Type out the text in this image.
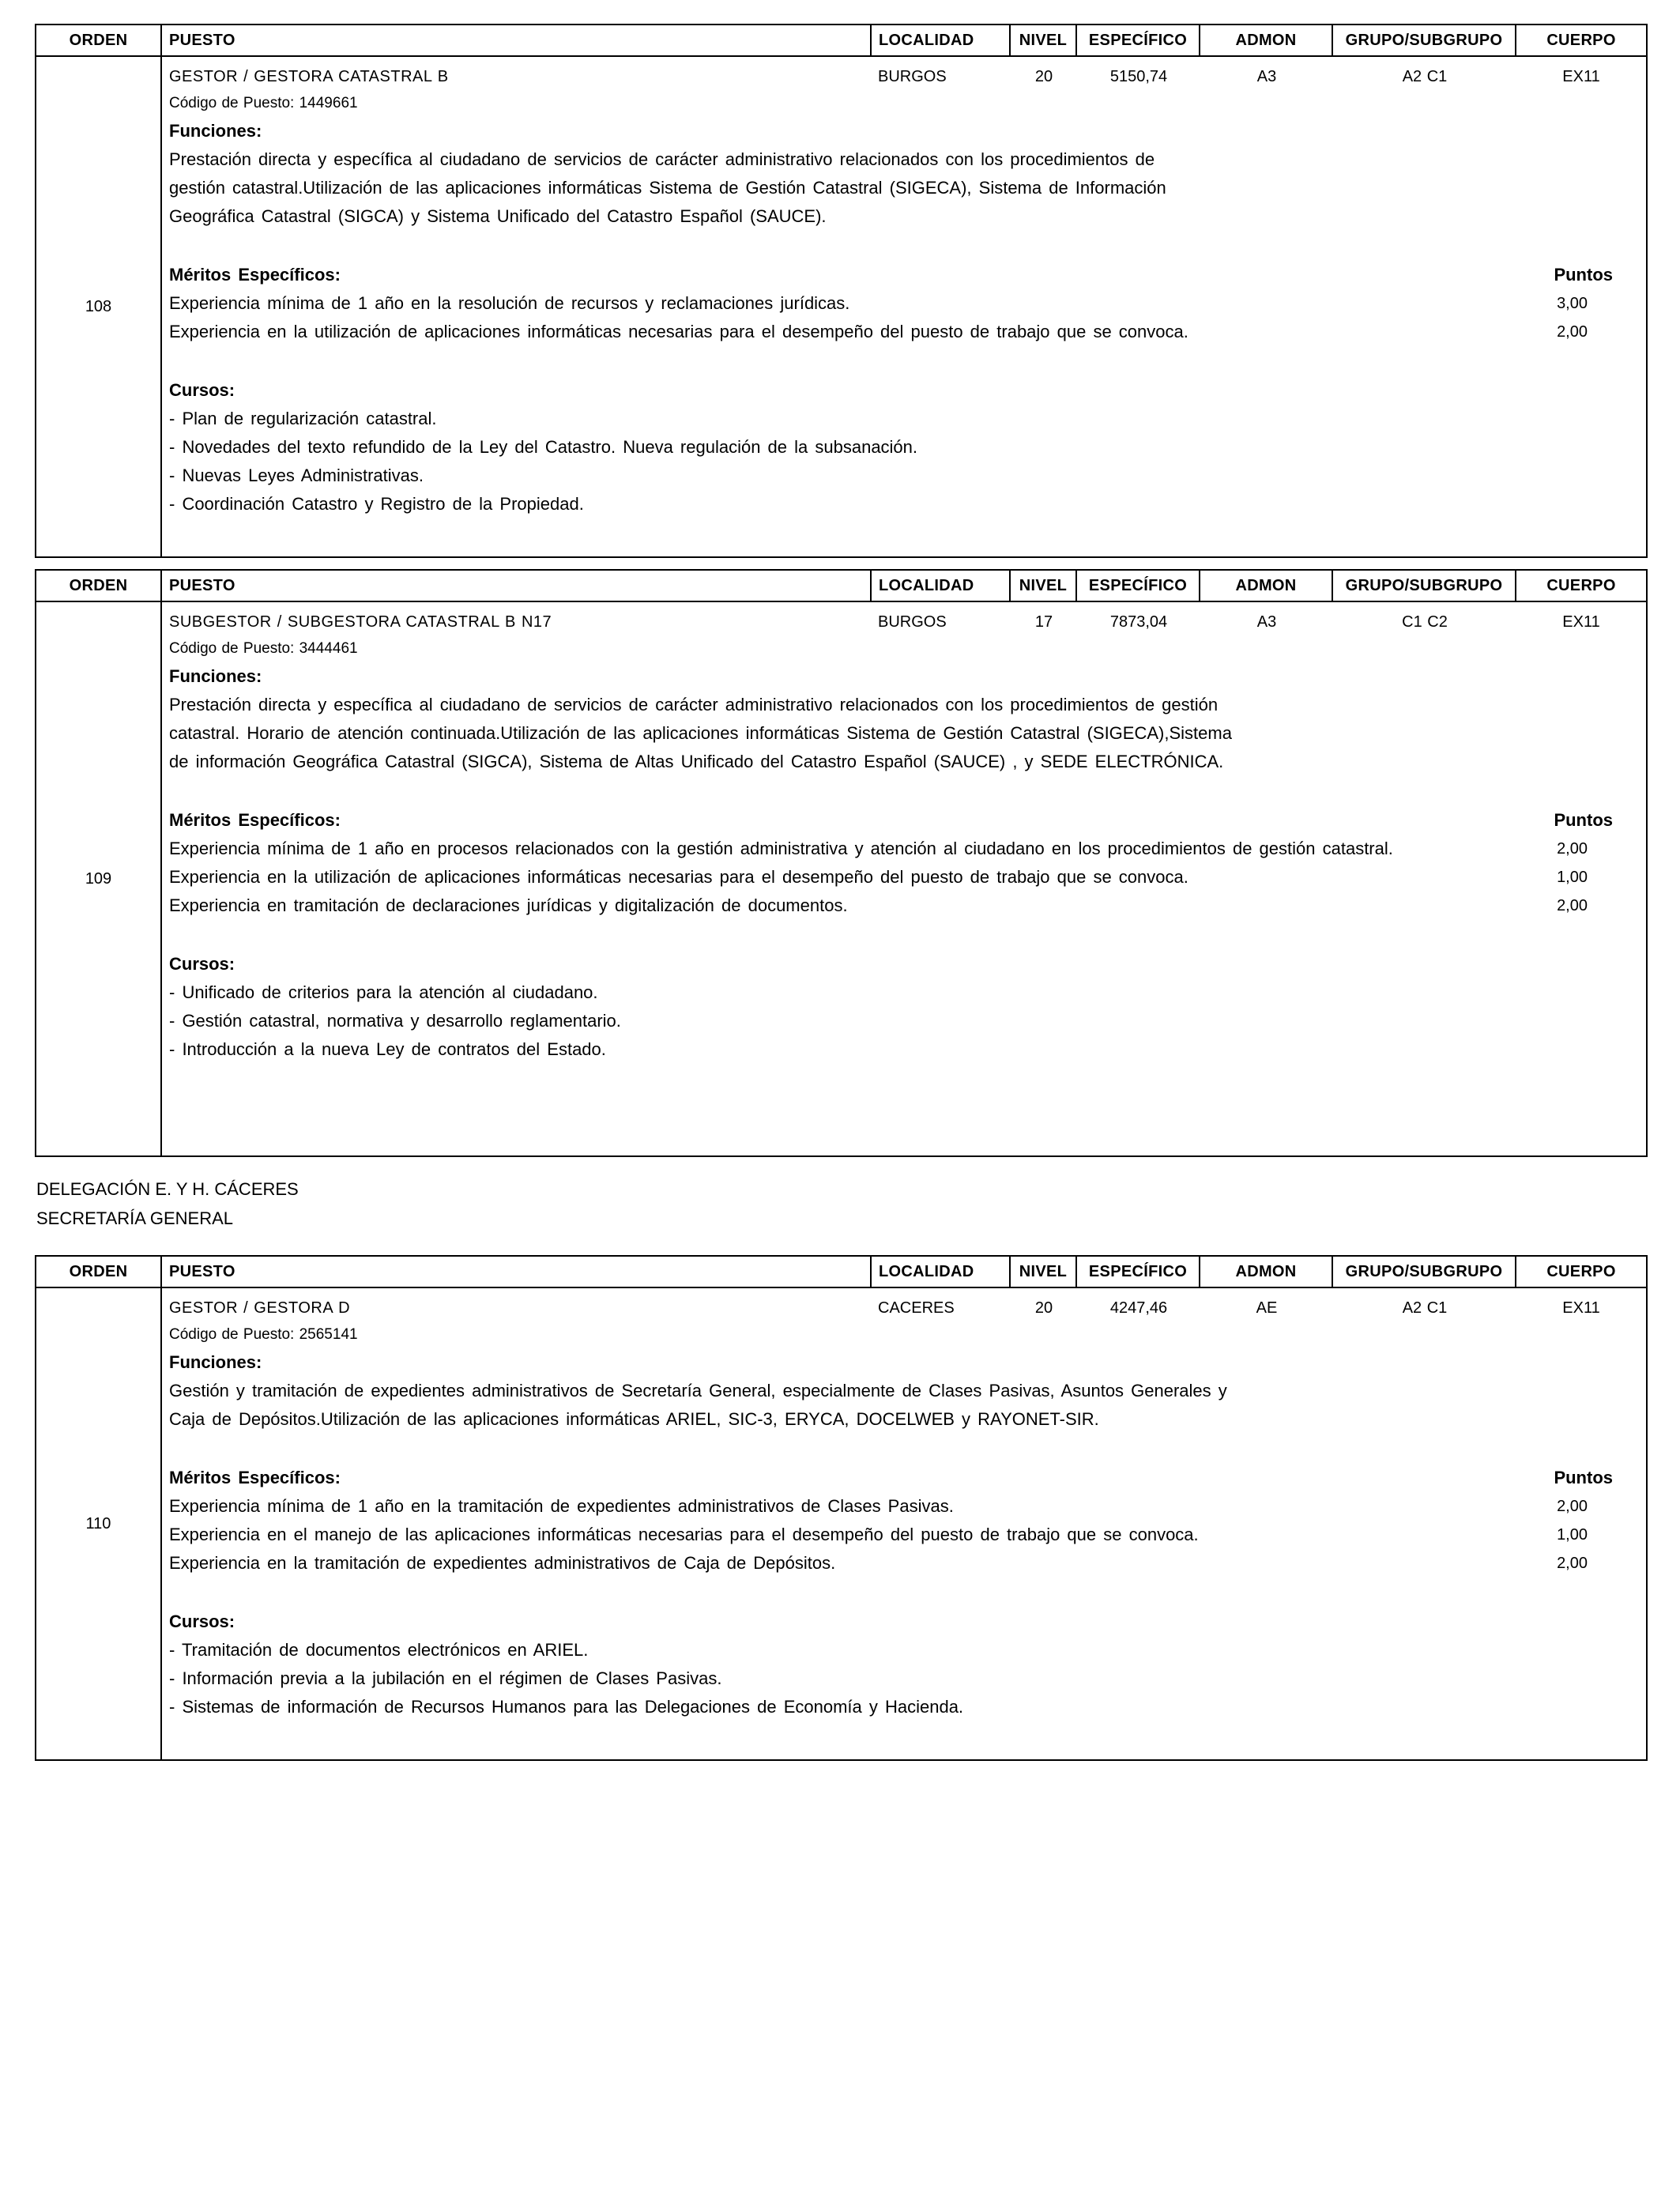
ORDEN	PUESTO	LOCALIDAD	NIVEL	ESPECÍFICO	ADMON	GRUPO/SUBGRUPO	CUERPO
108
GESTOR / GESTORA CATASTRAL B	BURGOS	20	5150,74	A3	A2 C1	EX11
Código de Puesto: 1449661
Funciones:
Prestación directa y específica al ciudadano de servicios de carácter administrativo relacionados con los procedimientos de
gestión catastral.Utilización de las aplicaciones informáticas Sistema de Gestión Catastral (SIGECA), Sistema de Información
Geográfica Catastral (SIGCA) y Sistema Unificado del Catastro Español (SAUCE).
Méritos Específicos:	Puntos
Experiencia mínima de 1 año en la resolución de recursos y reclamaciones jurídicas.	3,00
Experiencia en la utilización de aplicaciones informáticas necesarias para el desempeño del puesto de trabajo que se convoca.	2,00
Cursos:
- Plan de regularización catastral.
- Novedades del texto refundido de la Ley del Catastro. Nueva regulación de la subsanación.
- Nuevas Leyes Administrativas.
- Coordinación Catastro y Registro de la Propiedad.
ORDEN	PUESTO	LOCALIDAD	NIVEL	ESPECÍFICO	ADMON	GRUPO/SUBGRUPO	CUERPO
109
SUBGESTOR / SUBGESTORA CATASTRAL B N17	BURGOS	17	7873,04	A3	C1 C2	EX11
Código de Puesto: 3444461
Funciones:
Prestación directa y específica al ciudadano de servicios de carácter administrativo relacionados con los procedimientos de gestión
catastral. Horario de atención continuada.Utilización de las aplicaciones informáticas Sistema de Gestión Catastral (SIGECA),Sistema
de información Geográfica Catastral (SIGCA), Sistema de Altas Unificado del Catastro Español (SAUCE) , y SEDE ELECTRÓNICA.
Méritos Específicos:	Puntos
Experiencia mínima de 1 año en procesos relacionados con la gestión administrativa y atención al ciudadano en los procedimientos de gestión catastral.	2,00
Experiencia en la utilización de aplicaciones informáticas necesarias para el desempeño del puesto de trabajo que se convoca.	1,00
Experiencia en tramitación de declaraciones jurídicas y digitalización de documentos.	2,00
Cursos:
- Unificado de criterios para la atención al ciudadano.
- Gestión catastral, normativa y desarrollo reglamentario.
- Introducción a la nueva Ley de contratos del Estado.
DELEGACIÓN E. Y H. CÁCERES
SECRETARÍA GENERAL
ORDEN	PUESTO	LOCALIDAD	NIVEL	ESPECÍFICO	ADMON	GRUPO/SUBGRUPO	CUERPO
110
GESTOR / GESTORA D	CACERES	20	4247,46	AE	A2 C1	EX11
Código de Puesto: 2565141
Funciones:
Gestión y tramitación de expedientes administrativos de Secretaría General, especialmente de Clases Pasivas, Asuntos Generales y
Caja de Depósitos.Utilización de las aplicaciones informáticas ARIEL, SIC-3, ERYCA, DOCELWEB y RAYONET-SIR.
Méritos Específicos:	Puntos
Experiencia mínima de 1 año en la tramitación de expedientes administrativos de Clases Pasivas.	2,00
Experiencia en el manejo de las aplicaciones informáticas necesarias para el desempeño del puesto de trabajo que se convoca.	1,00
Experiencia en la tramitación de expedientes administrativos de Caja de Depósitos.	2,00
Cursos:
- Tramitación de documentos electrónicos en ARIEL.
- Información previa a la jubilación en el régimen de Clases Pasivas.
- Sistemas de información de Recursos Humanos para las Delegaciones de Economía y Hacienda.
